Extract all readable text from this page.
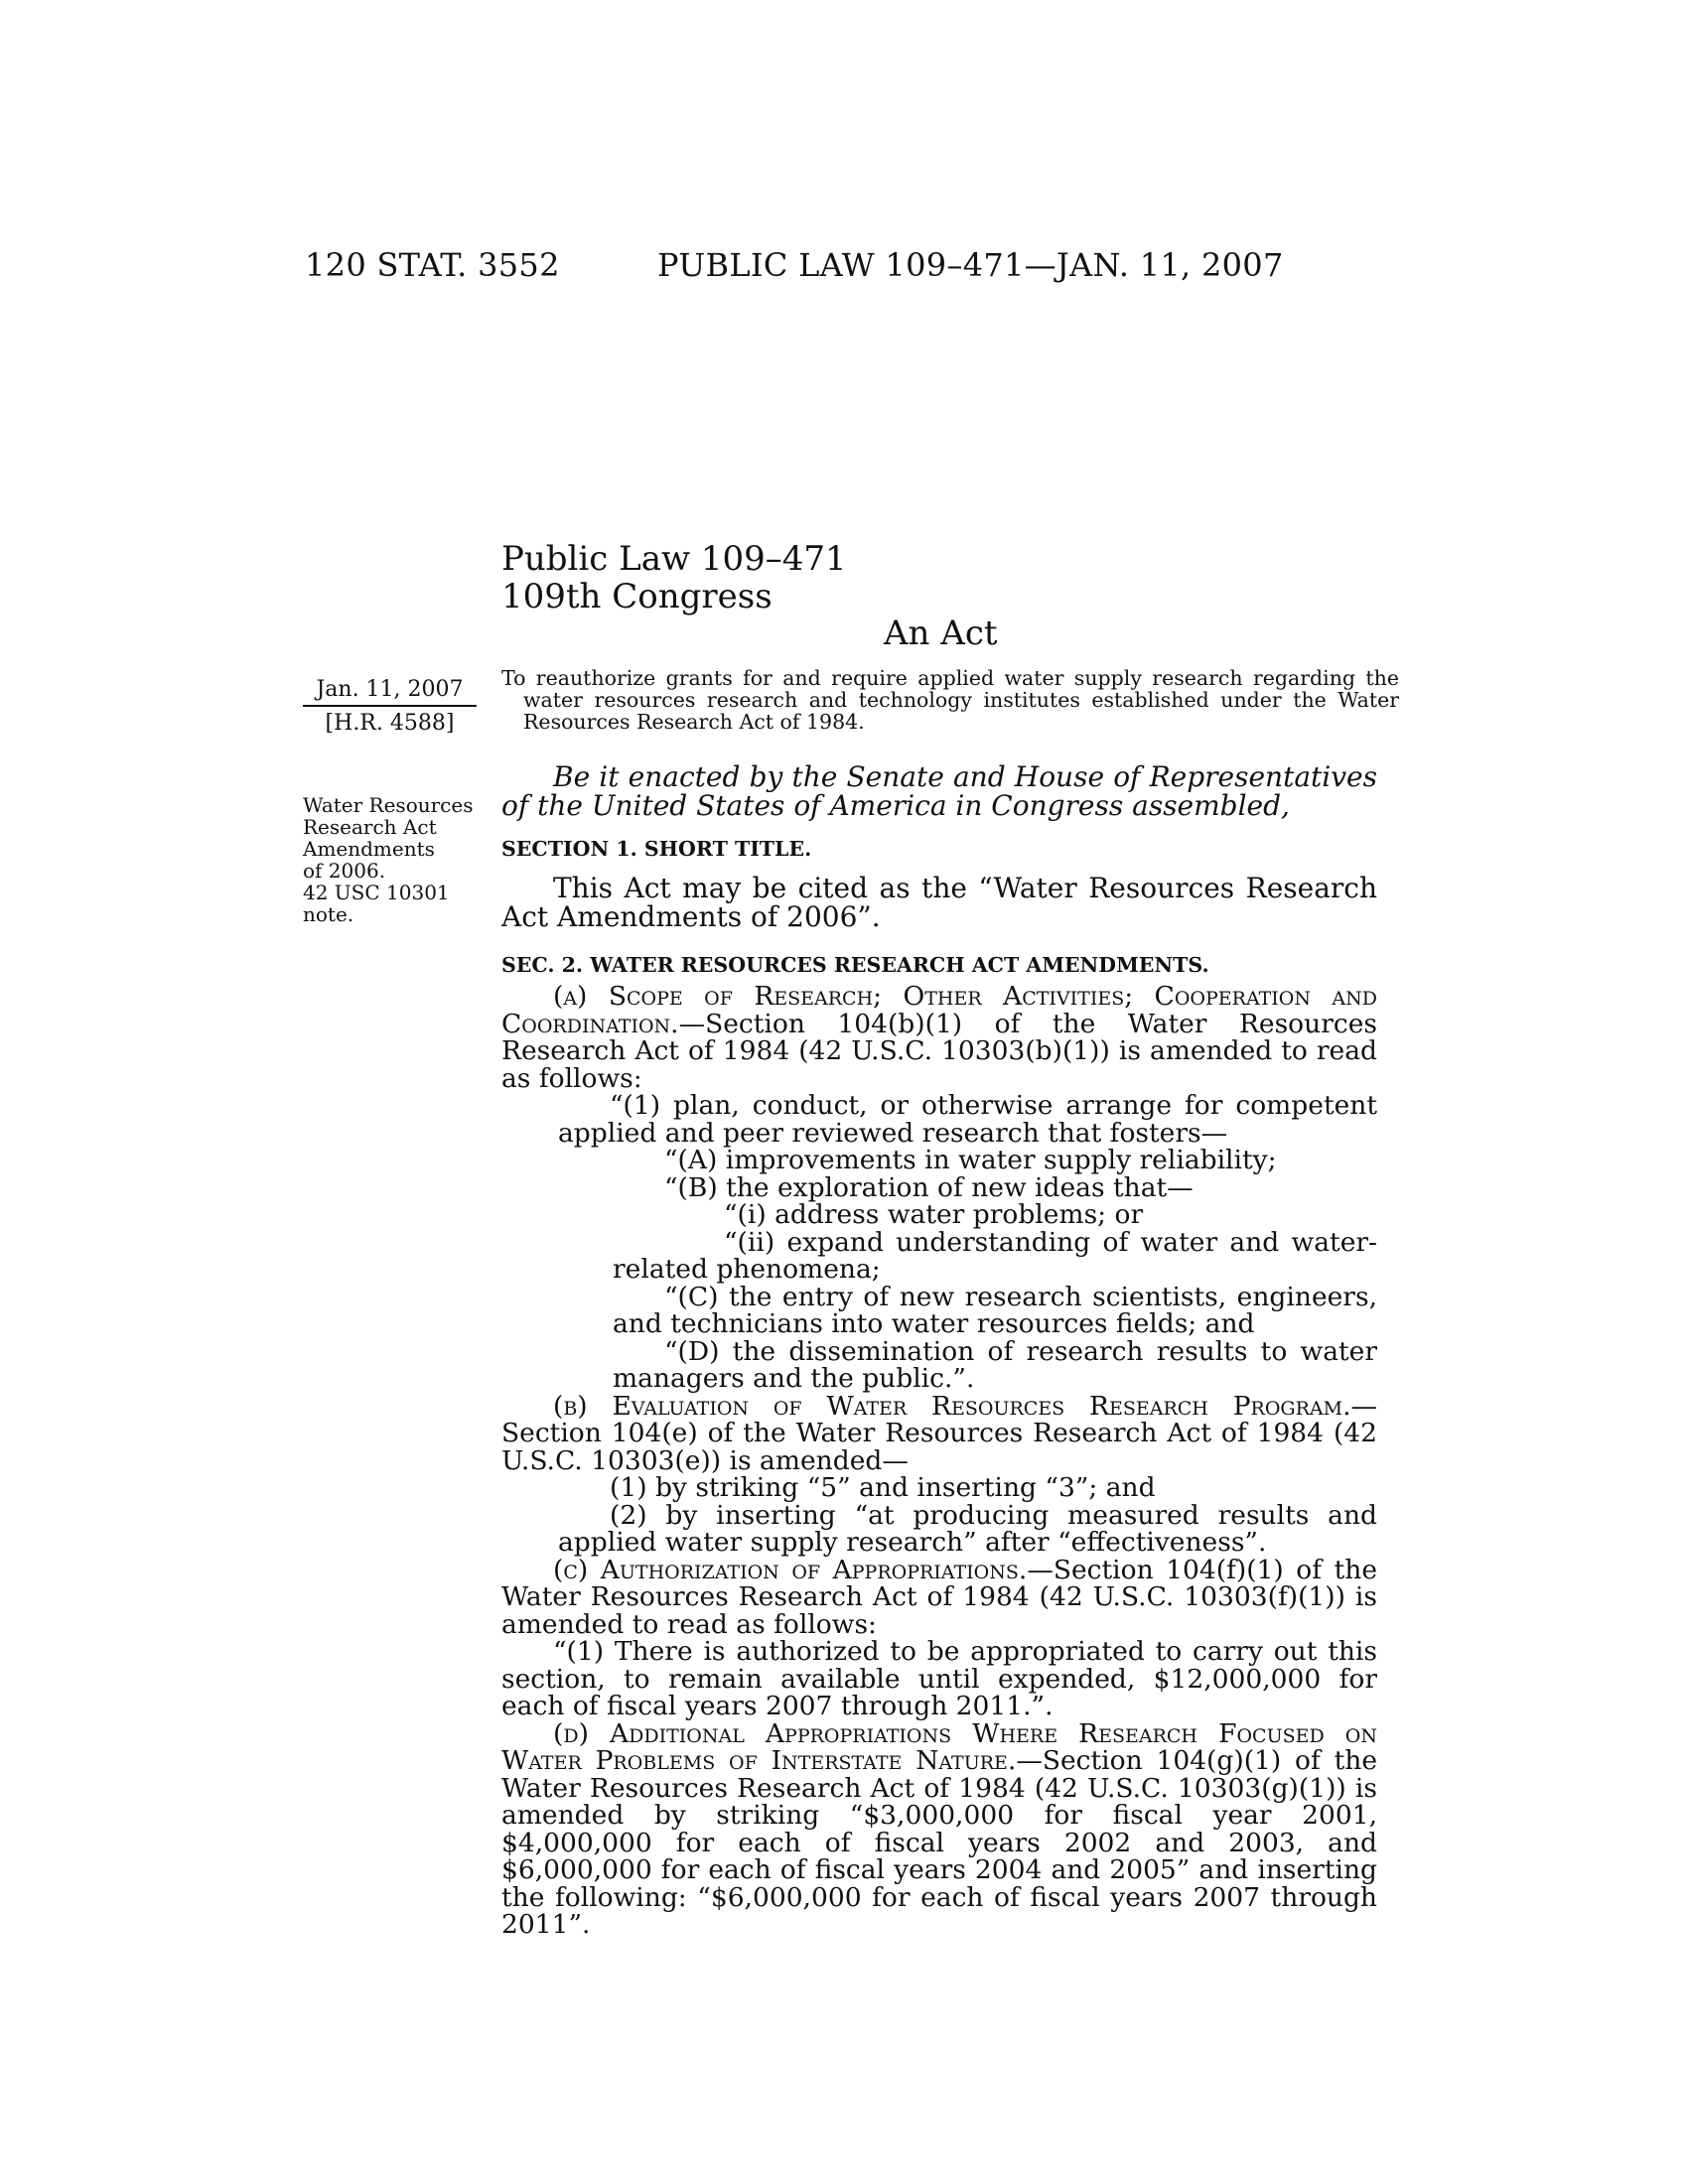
120 STAT. 3552	PUBLIC LAW 109–471—JAN. 11, 2007
Public Law 109–471
109th Congress
An Act
Jan. 11, 2007
[H.R. 4588]
Water Resources
Research Act
Amendments
of 2006.
42 USC 10301
note.
To reauthorize grants for and require applied water supply research regarding the water resources research and technology institutes established under the Water Resources Research Act of 1984.
Be it enacted by the Senate and House of Representatives of the United States of America in Congress assembled,
SECTION 1. SHORT TITLE.
This Act may be cited as the “Water Resources Research Act Amendments of 2006”.
SEC. 2. WATER RESOURCES RESEARCH ACT AMENDMENTS.

(a) Scope of Research; Other Activities; Cooperation and Coordination.—Section 104(b)(1) of the Water Resources Research Act of 1984 (42 U.S.C. 10303(b)(1)) is amended to read as follows:

“(1) plan, conduct, or otherwise arrange for competent applied and peer reviewed research that fosters—

“(A) improvements in water supply reliability;

“(B) the exploration of new ideas that—

“(i) address water problems; or

“(ii) expand understanding of water and water-related phenomena;

“(C) the entry of new research scientists, engineers, and technicians into water resources fields; and

“(D) the dissemination of research results to water managers and the public.”.

(b) Evaluation of Water Resources Research Program.—Section 104(e) of the Water Resources Research Act of 1984 (42 U.S.C. 10303(e)) is amended—

(1) by striking “5” and inserting “3”; and

(2) by inserting “at producing measured results and applied water supply research” after “effectiveness”.

(c) Authorization of Appropriations.—Section 104(f)(1) of the Water Resources Research Act of 1984 (42 U.S.C. 10303(f)(1)) is amended to read as follows:

“(1) There is authorized to be appropriated to carry out this section, to remain available until expended, $12,000,000 for each of fiscal years 2007 through 2011.”.

(d) Additional Appropriations Where Research Focused on Water Problems of Interstate Nature.—Section 104(g)(1) of the Water Resources Research Act of 1984 (42 U.S.C. 10303(g)(1)) is amended by striking “$3,000,000 for fiscal year 2001, $4,000,000 for each of fiscal years 2002 and 2003, and $6,000,000 for each of fiscal years 2004 and 2005” and inserting the following: “$6,000,000 for each of fiscal years 2007 through 2011”.
